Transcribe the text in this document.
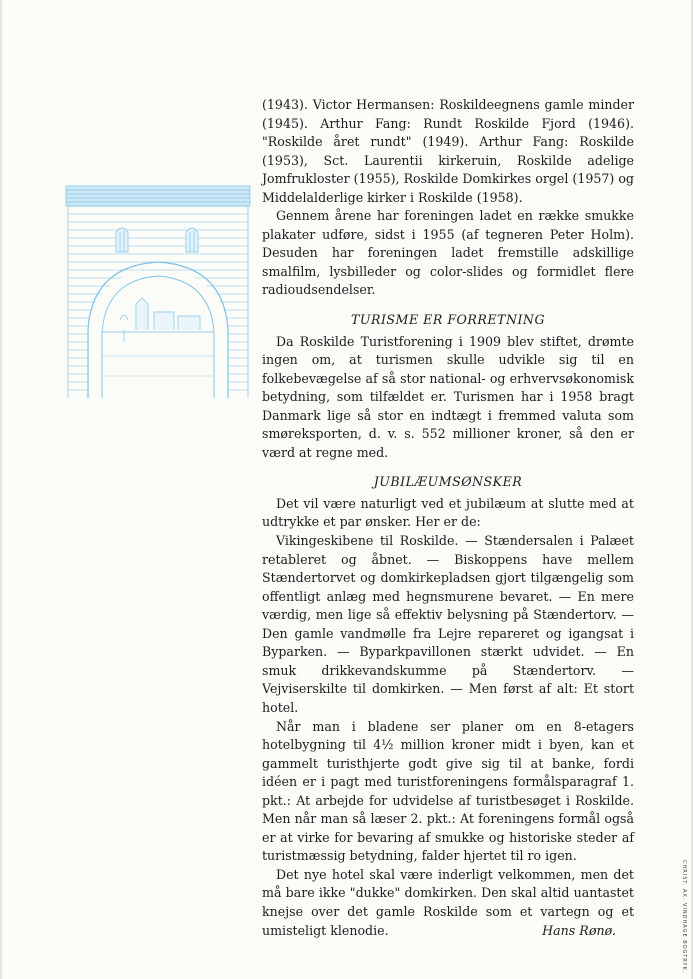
(1943). Victor Hermansen: Roskildeegnens gamle minder (1945). Arthur Fang: Rundt Roskilde Fjord (1946). "Roskilde året rundt" (1949). Arthur Fang: Roskilde (1953), Sct. Laurentii kirkeruin, Roskilde adelige Jomfrukloster (1955), Roskilde Domkirkes orgel (1957) og Middelalderlige kirker i Roskilde (1958).

Gennem årene har foreningen ladet en række smukke plakater udføre, sidst i 1955 (af tegneren Peter Holm). Desuden har foreningen ladet fremstille adskillige smalfilm, lysbilleder og color-slides og formidlet flere radioudsendelser.

TURISME ER FORRETNING

Da Roskilde Turistforening i 1909 blev stiftet, drømte ingen om, at turismen skulle udvikle sig til en folkebevægelse af så stor national- og erhvervsøkonomisk betydning, som tilfældet er. Turismen har i 1958 bragt Danmark lige så stor en indtægt i fremmed valuta som smøreksporten, d. v. s. 552 millioner kroner, så den er værd at regne med.

JUBILÆUMSØNSKER

Det vil være naturligt ved et jubilæum at slutte med at udtrykke et par ønsker. Her er de:

Vikingeskibene til Roskilde. — Stændersalen i Palæet retableret og åbnet. — Biskoppens have mellem Stændertorvet og domkirkepladsen gjort tilgængelig som offentligt anlæg med hegnsmurene bevaret. — En mere værdig, men lige så effektiv belysning på Stændertorv. — Den gamle vandmølle fra Lejre repareret og igangsat i Byparken. — Byparkpavillonen stærkt udvidet. — En smuk drikkevandskumme på Stændertorv. — Vejviserskilte til domkirken. — Men først af alt: Et stort hotel.

Når man i bladene ser planer om en 8-etagers hotelbygning til 4½ million kroner midt i byen, kan et gammelt turisthjerte godt give sig til at banke, fordi idéen er i pagt med turistforeningens formålsparagraf 1. pkt.: At arbejde for udvidelse af turistbesøget i Roskilde. Men når man så læser 2. pkt.: At foreningens formål også er at virke for bevaring af smukke og historiske steder af turistmæssig betydning, falder hjertet til ro igen.

Det nye hotel skal være inderligt velkommen, men det må bare ikke "dukke" domkirken. Den skal altid uantastet knejse over det gamle Roskilde som et vartegn og et umisteligt klenodie.	Hans Rønø.	CHRIST. AX. VINDHAGE BOGTRYK.
